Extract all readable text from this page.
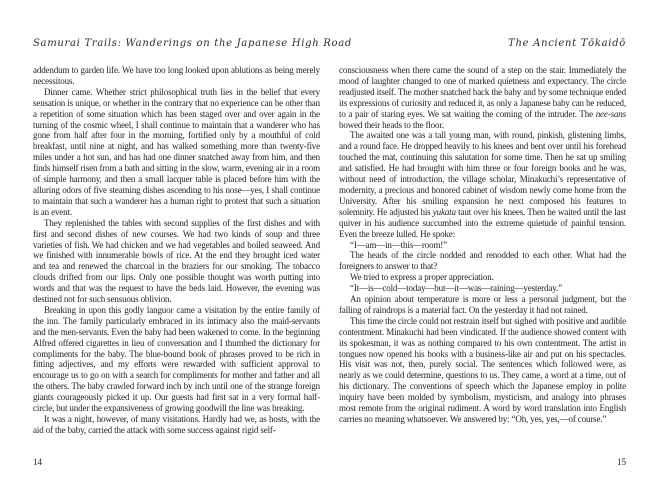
Samurai Trails: Wanderings on the Japanese High Road

addendum to garden life. We have too long looked upon ablutions as being merely necessitous.

Dinner came. Whether strict philosophical truth lies in the belief that every sensation is unique, or whether in the contrary that no experience can be other than a repetition of some situation which has been staged over and over again in the turning of the cosmic wheel, I shall continue to maintain that a wanderer who has gone from half after four in the morning, fortified only by a mouthful of cold breakfast, until nine at night, and has walked something more than twenty-five miles under a hot sun, and has had one dinner snatched away from him, and then finds himself risen from a bath and sitting in the slow, warm, evening air in a room of simple harmony, and then a small lacquer table is placed before him with the alluring odors of five steaming dishes ascending to his nose—yes, I shall continue to maintain that such a wanderer has a human right to protest that such a situation is an event.

They replenished the tables with second supplies of the first dishes and with first and second dishes of new courses. We had two kinds of soup and three varieties of fish. We had chicken and we had vegetables and boiled seaweed. And we finished with innumerable bowls of rice. At the end they brought iced water and tea and renewed the charcoal in the braziers for our smoking. The tobacco clouds drifted from our lips. Only one possible thought was worth putting into words and that was the request to have the beds laid. However, the evening was destined not for such sensuous oblivion.

Breaking in upon this godly languor came a visitation by the entire family of the inn. The family particularly embraced in its intimacy also the maid-servants and the men-servants. Even the baby had been wakened to come. In the beginning Alfred offered cigarettes in lieu of conversation and I thumbed the dictionary for compliments for the baby. The blue-bound book of phrases proved to be rich in fitting adjectives, and my efforts were rewarded with sufficient approval to encourage us to go on with a search for compliments for mother and father and all the others. The baby crawled forward inch by inch until one of the strange foreign giants courageously picked it up. Our guests had first sat in a very formal half-circle, but under the expansiveness of growing goodwill the line was breaking.

It was a night, however, of many visitations. Hardly had we, as hosts, with the aid of the baby, carried the attack with some success against rigid self-

14
The Ancient Tōkaidō

consciousness when there came the sound of a step on the stair. Immediately the mood of laughter changed to one of marked quietness and expectancy. The circle readjusted itself. The mother snatched back the baby and by some technique ended its expressions of curiosity and reduced it, as only a Japanese baby can be reduced, to a pair of staring eyes. We sat waiting the coming of the intruder. The nee-sans bowed their heads to the floor.

The awaited one was a tall young man, with round, pinkish, glistening limbs, and a round face. He dropped heavily to his knees and bent over until his forehead touched the mat, continuing this salutation for some time. Then he sat up smiling and satisfied. He had brought with him three or four foreign books and he was, without need of introduction, the village scholar, Minakuchi’s representative of modernity, a precious and honored cabinet of wisdom newly come home from the University. After his smiling expansion he next composed his features to solemnity. He adjusted his yukata taut over his knees. Then he waited until the last quiver in his audience succumbed into the extreme quietude of painful tension. Even the breeze lulled. He spoke:

“I—am—in—this—room!”

The heads of the circle nodded and renodded to each other. What had the foreigners to answer to that?

We tried to express a proper appreciation.

“It—is—cold—today—but—it—was—raining—yesterday.”

An opinion about temperature is more or less a personal judgment, but the falling of raindrops is a material fact. On the yesterday it had not rained.

This time the circle could not restrain itself but sighed with positive and audible contentment. Minakuchi had been vindicated. If the audience showed content with its spokesman, it was as nothing compared to his own contentment. The artist in tongues now opened his books with a business-like air and put on his spectacles. His visit was not, then, purely social. The sentences which followed were, as nearly as we could determine, questions to us. They came, a word at a time, out of his dictionary. The conventions of speech which the Japanese employ in polite inquiry have been molded by symbolism, mysticism, and analogy into phrases most remote from the original rudiment. A word by word translation into English carries no meaning whatsoever. We answered by: “Oh, yes, yes,—of course.”

15
